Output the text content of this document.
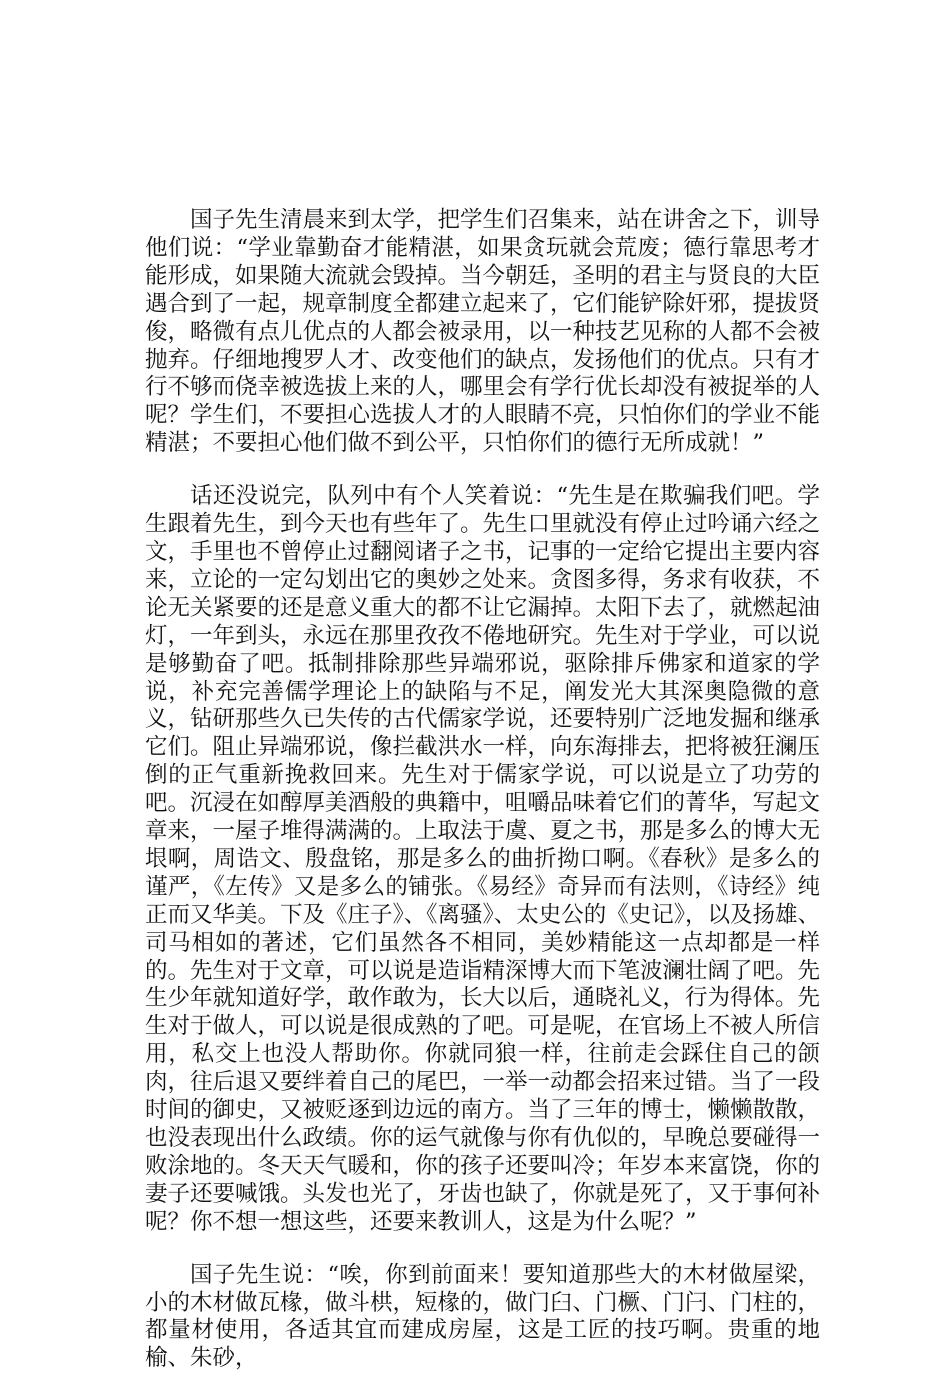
国子先生清晨来到太学，把学生们召集来，站在讲舍之下，训导他们说：“学业靠勤奋才能精湛，如果贪玩就会荒废；德行靠思考才能形成，如果随大流就会毁掉。当今朝廷，圣明的君主与贤良的大臣遇合到了一起，规章制度全都建立起来了，它们能铲除奸邪，提拔贤俊，略微有点儿优点的人都会被录用，以一种技艺见称的人都不会被抛弃。仔细地搜罗人才、改变他们的缺点，发扬他们的优点。只有才行不够而侥幸被选拔上来的人，哪里会有学行优长却没有被捉举的人呢？学生们，不要担心选拔人才的人眼睛不亮，只怕你们的学业不能精湛；不要担心他们做不到公平，只怕你们的德行无所成就！”

话还没说完，队列中有个人笑着说：“先生是在欺骗我们吧。学生跟着先生，到今天也有些年了。先生口里就没有停止过吟诵六经之文，手里也不曾停止过翻阅诸子之书，记事的一定给它提出主要内容来，立论的一定勾划出它的奥妙之处来。贪图多得，务求有收获，不论无关紧要的还是意义重大的都不让它漏掉。太阳下去了，就燃起油灯，一年到头，永远在那里孜孜不倦地研究。先生对于学业，可以说是够勤奋了吧。抵制排除那些异端邪说，驱除排斥佛家和道家的学说，补充完善儒学理论上的缺陷与不足，阐发光大其深奥隐微的意义，钻研那些久已失传的古代儒家学说，还要特别广泛地发掘和继承它们。阻止异端邪说，像拦截洪水一样，向东海排去，把将被狂澜压倒的正气重新挽救回来。先生对于儒家学说，可以说是立了功劳的吧。沉浸在如醇厚美酒般的典籍中，咀嚼品味着它们的菁华，写起文章来，一屋子堆得满满的。上取法于虞、夏之书，那是多么的博大无垠啊，周诰文、殷盘铭，那是多么的曲折拗口啊。《春秋》是多么的谨严，《左传》又是多么的铺张。《易经》奇异而有法则，《诗经》纯正而又华美。下及《庄子》、《离骚》、太史公的《史记》，以及扬雄、司马相如的著述，它们虽然各不相同，美妙精能这一点却都是一样的。先生对于文章，可以说是造诣精深博大而下笔波澜壮阔了吧。先生少年就知道好学，敢作敢为，长大以后，通晓礼义，行为得体。先生对于做人，可以说是很成熟的了吧。可是呢，在官场上不被人所信用，私交上也没人帮助你。你就同狼一样，往前走会踩住自己的颌肉，往后退又要绊着自己的尾巴，一举一动都会招来过错。当了一段时间的御史，又被贬逐到边远的南方。当了三年的博士，懒懒散散，也没表现出什么政绩。你的运气就像与你有仇似的，早晚总要碰得一败涂地的。冬天天气暖和，你的孩子还要叫冷；年岁本来富饶，你的妻子还要喊饿。头发也光了，牙齿也缺了，你就是死了，又于事何补呢？你不想一想这些，还要来教训人，这是为什么呢？”

国子先生说：“唉，你到前面来！要知道那些大的木材做屋梁，小的木材做瓦椽，做斗栱，短椽的，做门臼、门橛、门闩、门柱的，都量材使用，各适其宜而建成房屋，这是工匠的技巧啊。贵重的地榆、朱砂，
